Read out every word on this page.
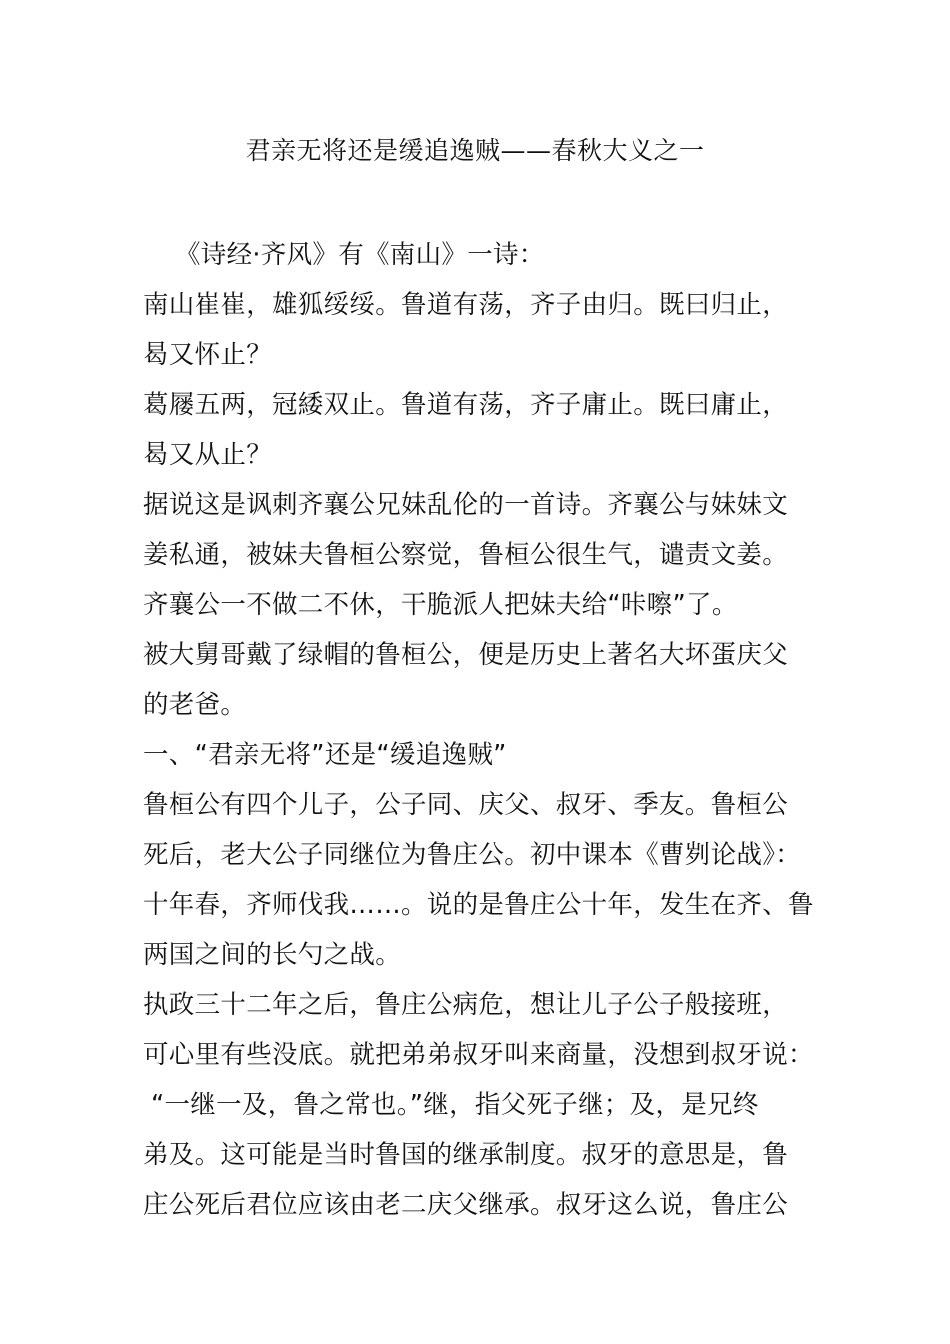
君亲无将还是缓追逸贼——春秋大义之一
《诗经·齐风》有《南山》一诗：
南山崔崔，雄狐绥绥。鲁道有荡，齐子由归。既曰归止，
曷又怀止？
葛屦五两，冠緌双止。鲁道有荡，齐子庸止。既曰庸止，
曷又从止？
据说这是讽刺齐襄公兄妹乱伦的一首诗。齐襄公与妹妹文
姜私通，被妹夫鲁桓公察觉，鲁桓公很生气，谴责文姜。
齐襄公一不做二不休，干脆派人把妹夫给“咔嚓”了。
被大舅哥戴了绿帽的鲁桓公，便是历史上著名大坏蛋庆父
的老爸。
一、“君亲无将”还是“缓追逸贼”
鲁桓公有四个儿子，公子同、庆父、叔牙、季友。鲁桓公
死后，老大公子同继位为鲁庄公。初中课本《曹刿论战》：
十年春，齐师伐我……。说的是鲁庄公十年，发生在齐、鲁
两国之间的长勺之战。
执政三十二年之后，鲁庄公病危，想让儿子公子般接班，
可心里有些没底。就把弟弟叔牙叫来商量，没想到叔牙说：
“一继一及，鲁之常也。”继，指父死子继；及，是兄终
弟及。这可能是当时鲁国的继承制度。叔牙的意思是，鲁
庄公死后君位应该由老二庆父继承。叔牙这么说，鲁庄公
